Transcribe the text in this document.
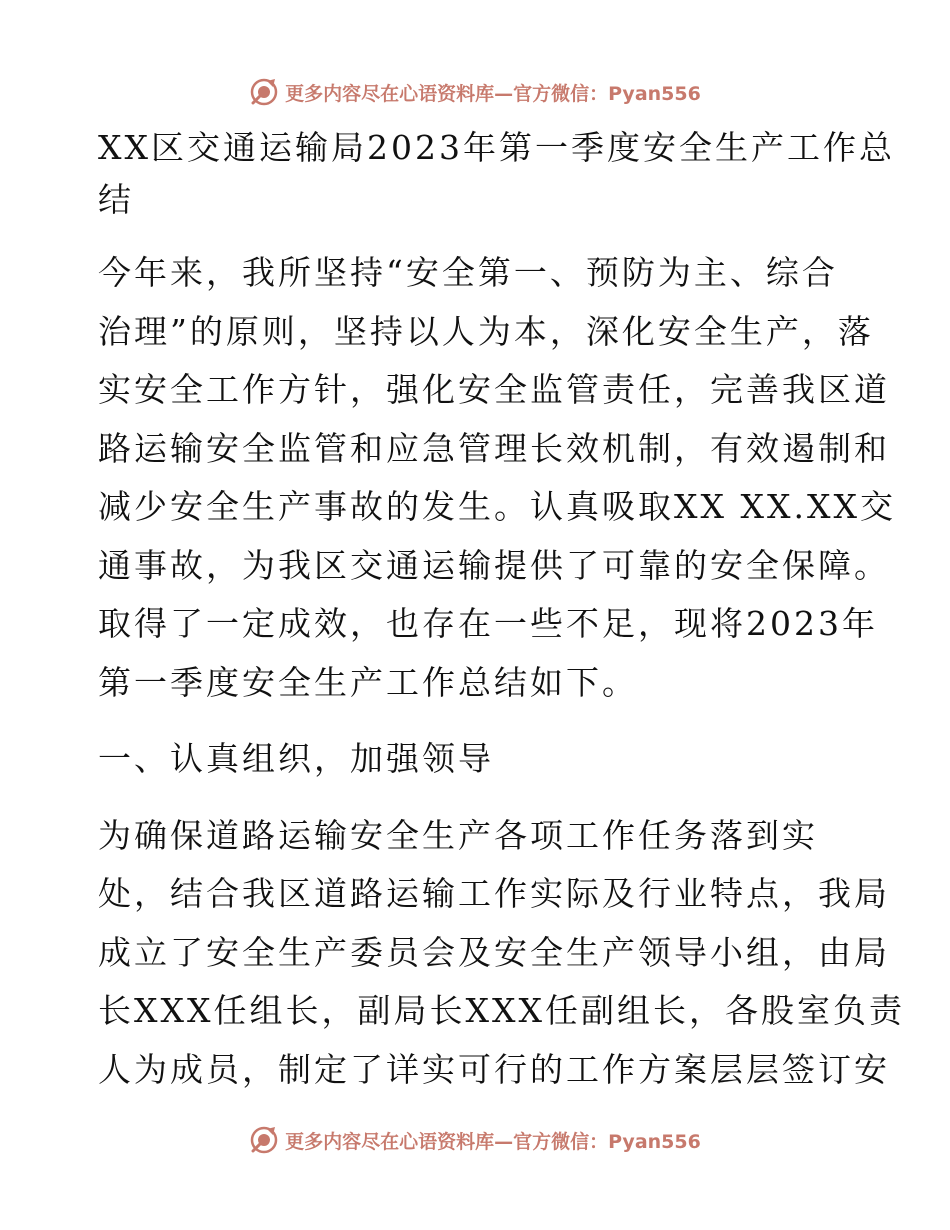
更多内容尽在心语资料库—官方微信：Pyan556
XX区交通运输局2023年第一季度安全生产工作总
结
今年来，我所坚持“安全第一、预防为主、综合
治理”的原则，坚持以人为本，深化安全生产，落
实安全工作方针，强化安全监管责任，完善我区道
路运输安全监管和应急管理长效机制，有效遏制和
减少安全生产事故的发生。认真吸取XX XX.XX交
通事故，为我区交通运输提供了可靠的安全保障。
取得了一定成效，也存在一些不足，现将2023年
第一季度安全生产工作总结如下。
一、认真组织，加强领导
为确保道路运输安全生产各项工作任务落到实
处，结合我区道路运输工作实际及行业特点，我局
成立了安全生产委员会及安全生产领导小组，由局
长XXX任组长，副局长XXX任副组长，各股室负责
人为成员，制定了详实可行的工作方案层层签订安
更多内容尽在心语资料库—官方微信：Pyan556
